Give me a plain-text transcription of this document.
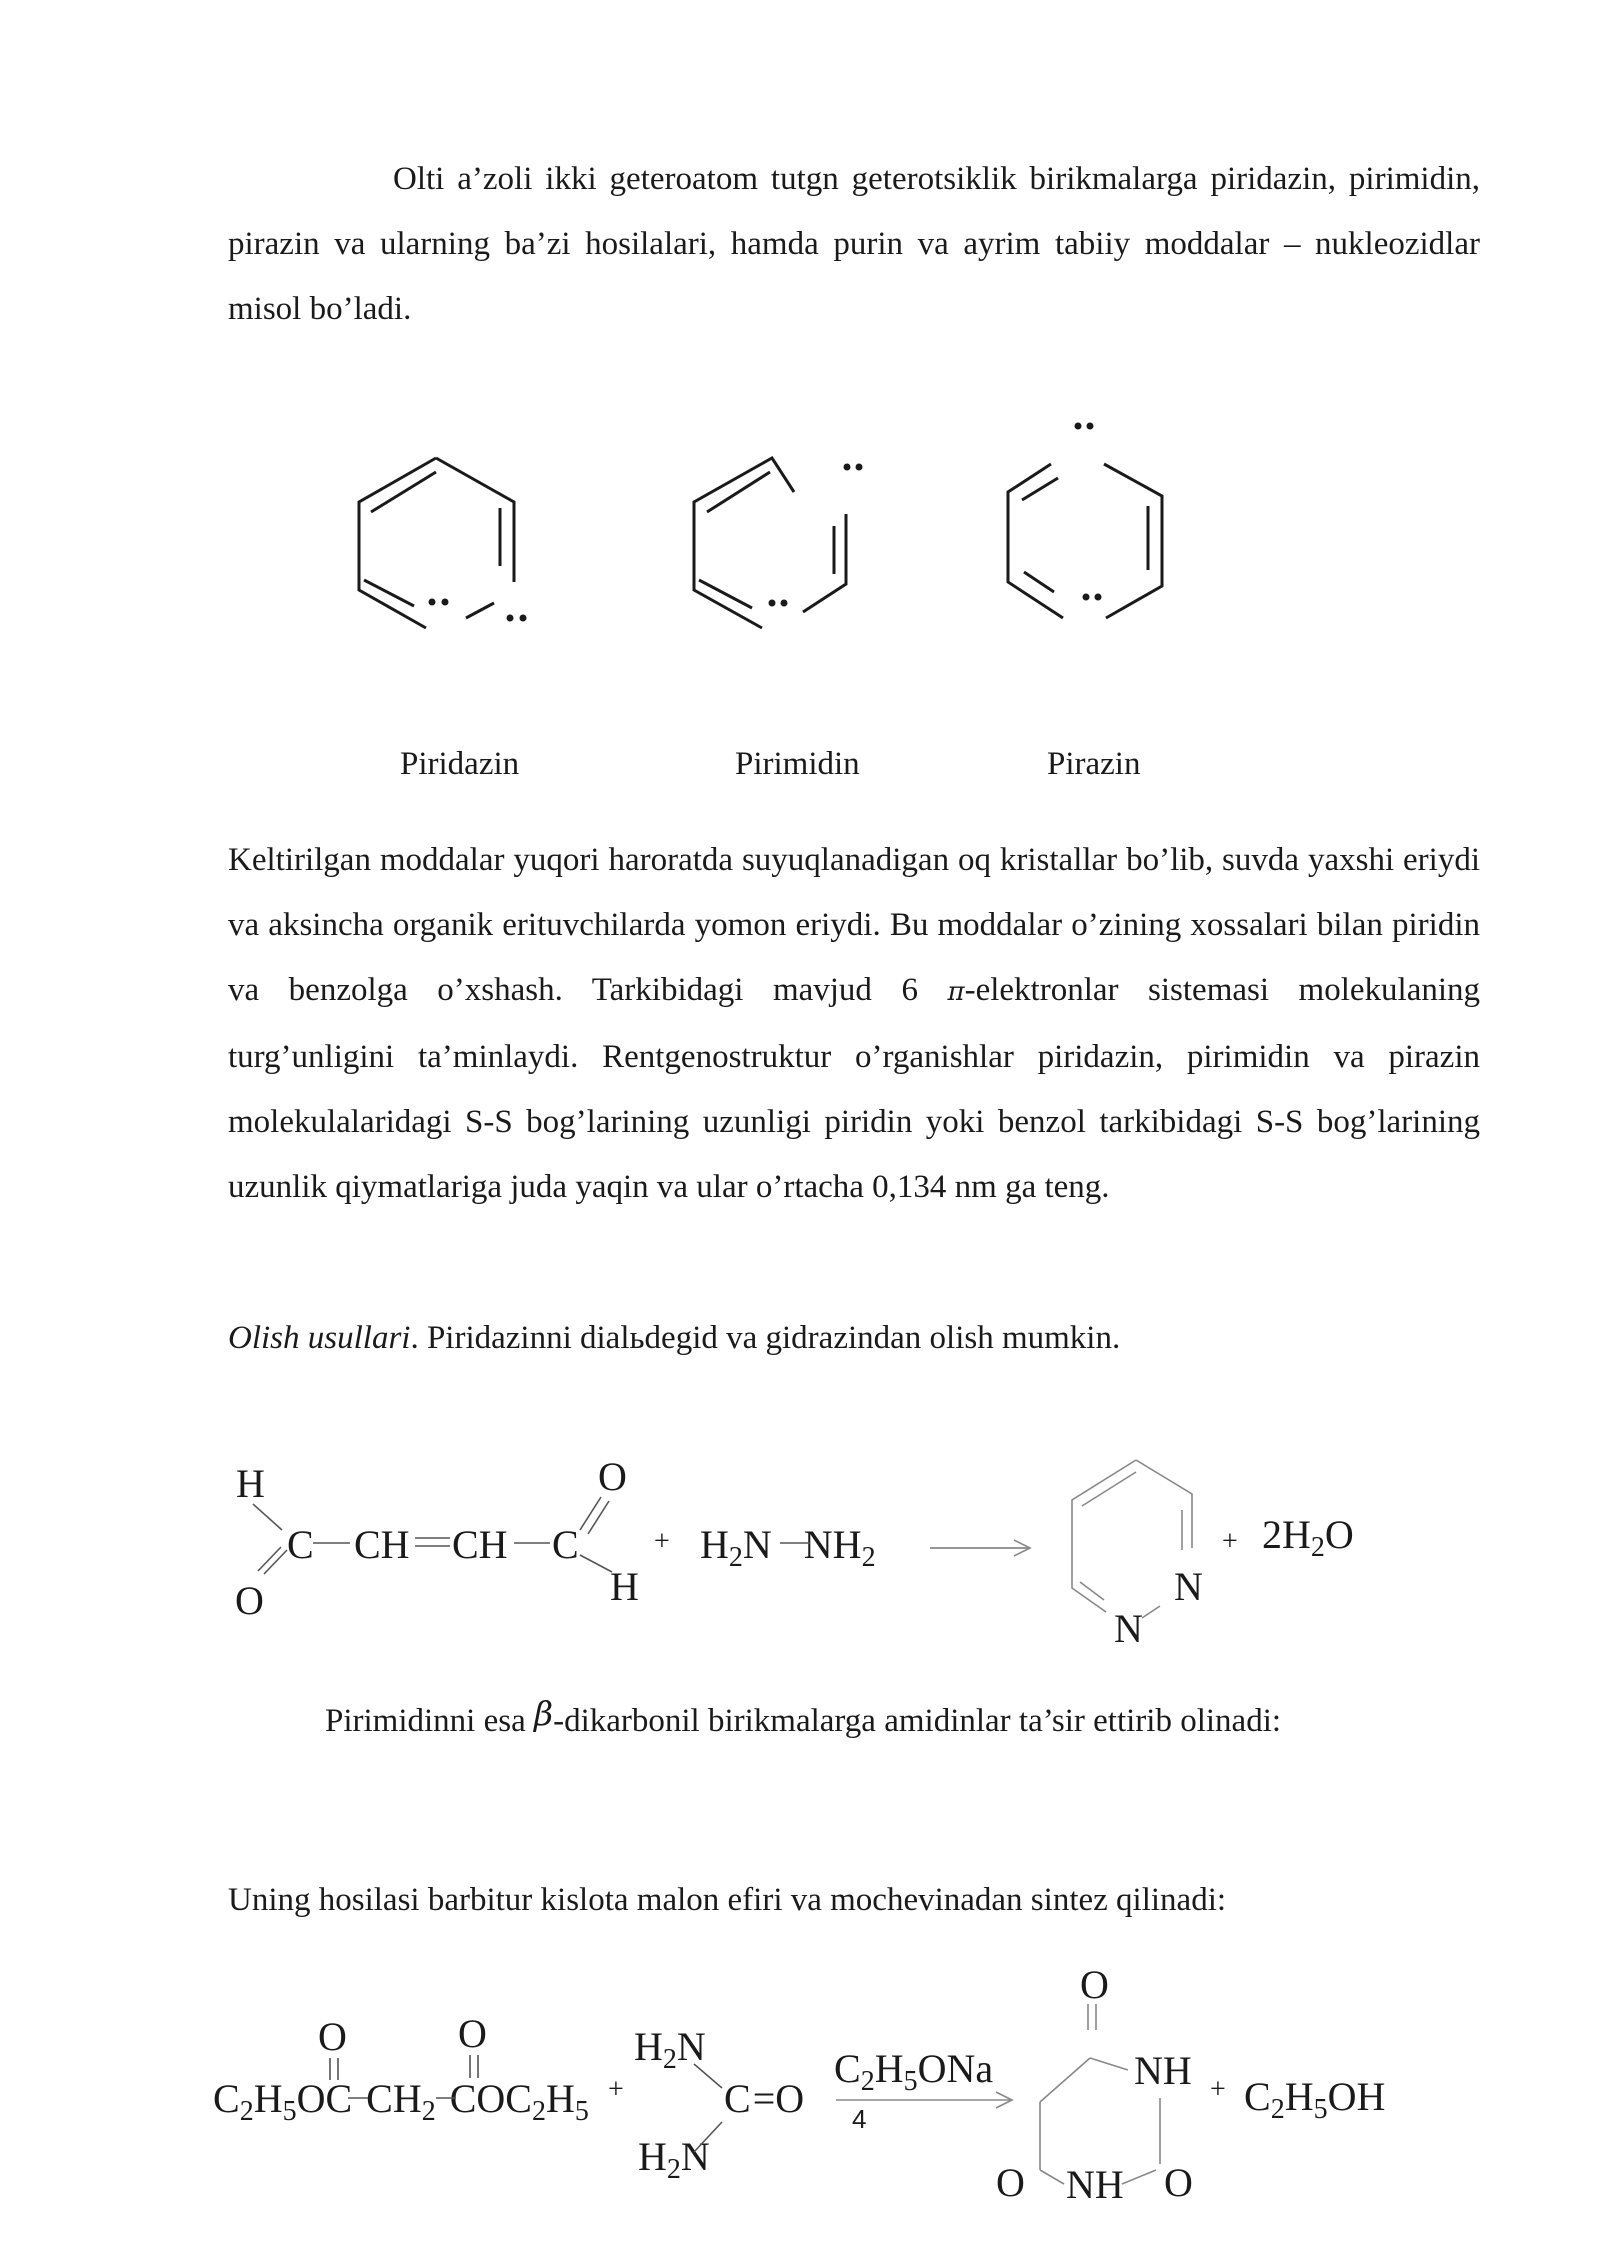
Olti a’zoli ikki geteroatom tutgn geterotsiklik birikmalarga piridazin, pirimidin, pirazin va ularning ba’zi hosilalari, hamda purin va ayrim tabiiy moddalar – nukleozidlar misol bo’ladi.

Piridazin	Pirimidin	Pirazin

Keltirilgan moddalar yuqori haroratda suyuqlanadigan oq kristallar bo’lib, suvda yaxshi eriydi va aksincha organik erituvchilarda yomon eriydi. Bu moddalar o’zining xossalari bilan piridin va benzolga o’xshash. Tarkibidagi mavjud 6 π-elektronlar sistemasi molekulaning turg’unligini ta’minlaydi. Rentgenostruktur o’rganishlar piridazin, pirimidin va pirazin molekulalaridagi S-S bog’larining uzunligi piridin yoki benzol tarkibidagi S-S bog’larining uzunlik qiymatlariga juda yaqin va ular o’rtacha 0,134 nm ga teng.

Olish usullari. Piridazinni dialьdegid va gidrazindan olish mumkin.
H
C CH CH C
O
O	H
+ $H_2N$ $NH_2$
N
N
+ $2H_2O$
Pirimidinni esa β-dikarbonil birikmalarga amidinlar ta’sir ettirib olinadi:
Uning hosilasi barbitur kislota malon efiri va mochevinadan sintez qilinadi:
O	O
$C_2H_5OC$ $CH_2$ $COC_2H_5$
+
$H_2N$
C=O
$H_2N$
$C_2H_5ONa$
4
O
NH
O NH O
+ $C_2H_5OH$
